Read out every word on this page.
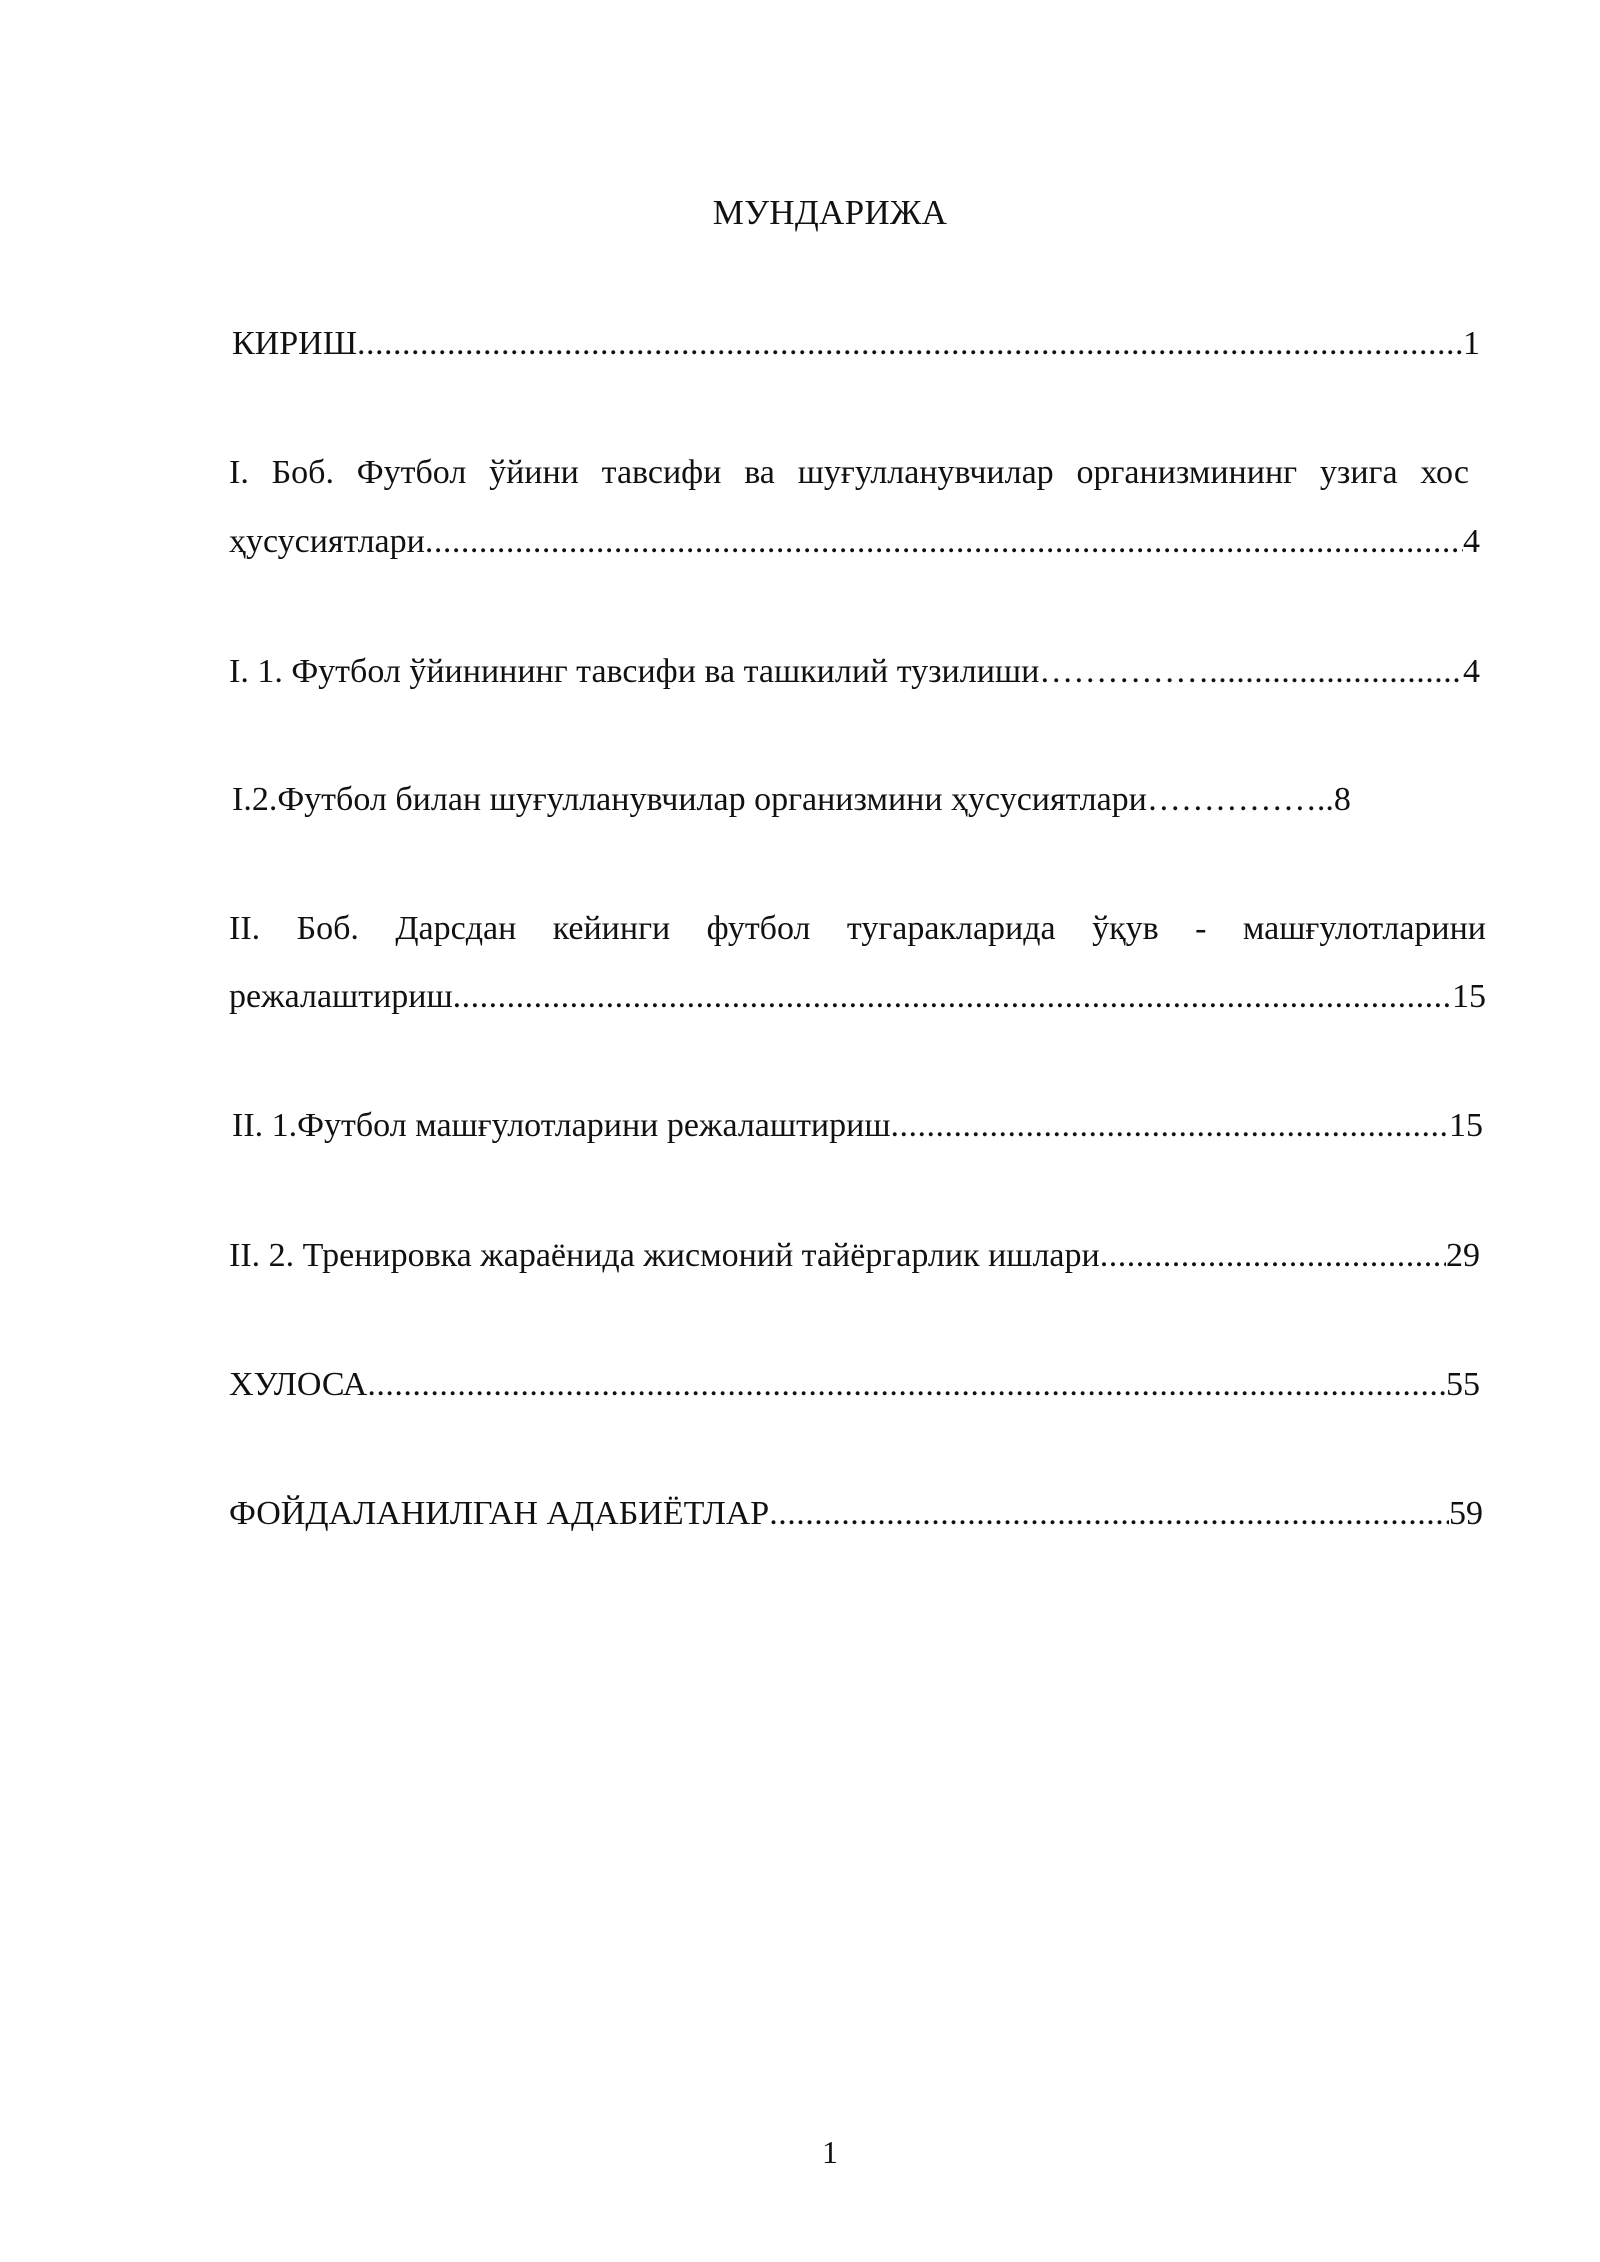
МУНДАРИЖА
КИРИШ .....	1
I. Боб. Футбол ўйини тавсифи ва шуғулланувчилар организмининг узига хос
ҳусусиятлари .....	4
I. 1. Футбол ўйинининг тавсифи ва ташкилий тузилиши…………… .....	4
I.2.Футбол билан шуғулланувчилар организмини ҳусусиятлари…………….. 8
II. Боб. Дарсдан кейинги футбол тугаракларида ўқув - машғулотларини
режалаштириш .....	15
II. 1.Футбол машғулотларини режалаштириш .....	15
II. 2. Тренировка жараёнида жисмоний тайёргарлик ишлари .....	29
ХУЛОСА .....	55
ФОЙДАЛАНИЛГАН АДАБИЁТЛАР .....	59
1
